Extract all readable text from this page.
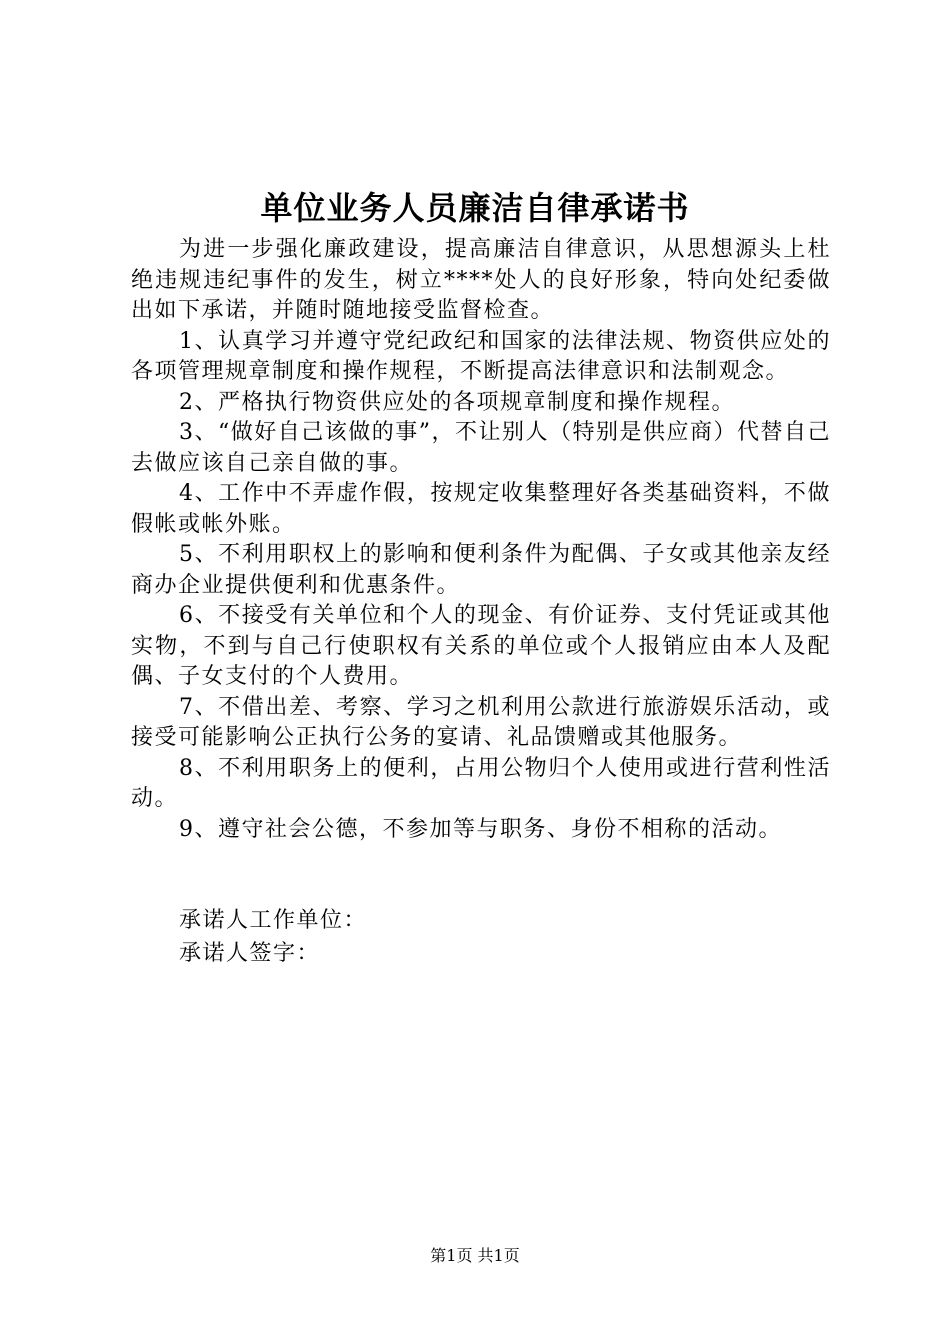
单位业务人员廉洁自律承诺书

为进一步强化廉政建设，提高廉洁自律意识，从思想源头上杜绝违规违纪事件的发生，树立****处人的良好形象，特向处纪委做出如下承诺，并随时随地接受监督检查。

1、认真学习并遵守党纪政纪和国家的法律法规、物资供应处的各项管理规章制度和操作规程，不断提高法律意识和法制观念。

2、严格执行物资供应处的各项规章制度和操作规程。

3、“做好自己该做的事”，不让别人（特别是供应商）代替自己去做应该自己亲自做的事。

4、工作中不弄虚作假，按规定收集整理好各类基础资料，不做假帐或帐外账。

5、不利用职权上的影响和便利条件为配偶、子女或其他亲友经商办企业提供便利和优惠条件。

6、不接受有关单位和个人的现金、有价证券、支付凭证或其他实物，不到与自己行使职权有关系的单位或个人报销应由本人及配偶、子女支付的个人费用。

7、不借出差、考察、学习之机利用公款进行旅游娱乐活动，或接受可能影响公正执行公务的宴请、礼品馈赠或其他服务。

8、不利用职务上的便利，占用公物归个人使用或进行营利性活动。

9、遵守社会公德，不参加等与职务、身份不相称的活动。

承诺人工作单位：
承诺人签字：
第1页 共1页
